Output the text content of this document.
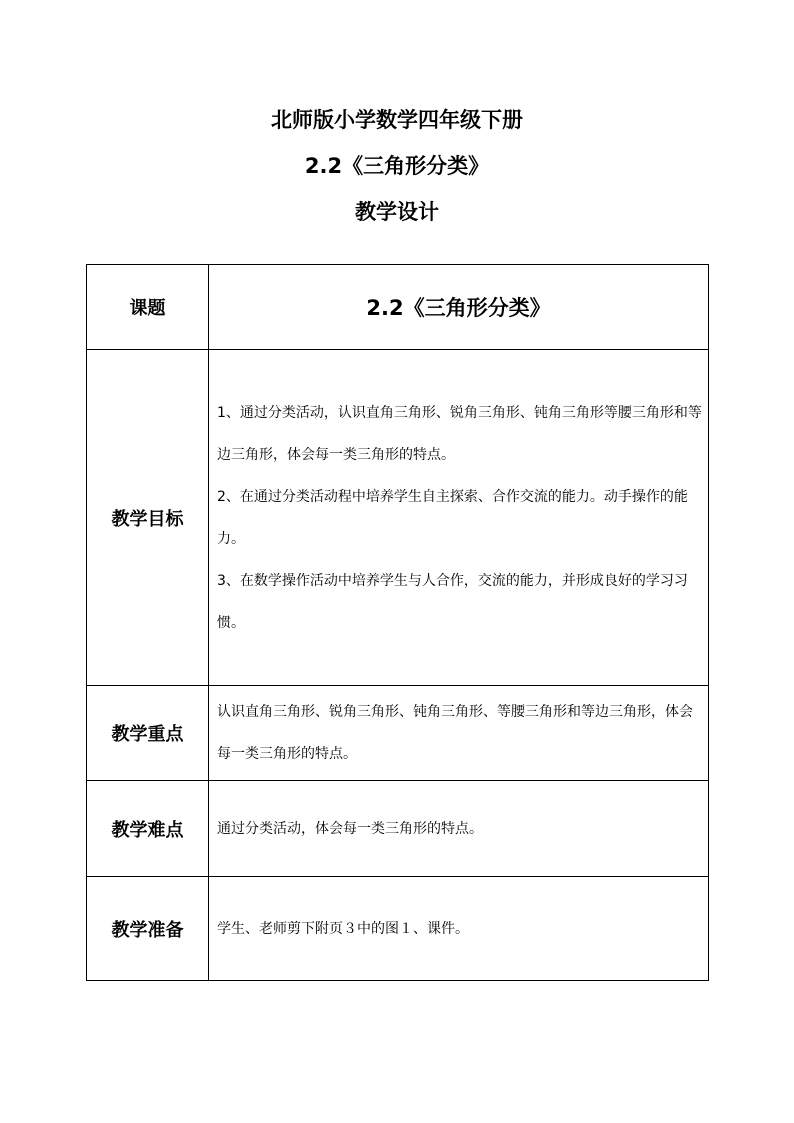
北师版小学数学四年级下册
2.2《三角形分类》
教学设计
课题	2.2《三角形分类》
教学目标	1、通过分类活动，认识直角三角形、锐角三角形、钝角三角形等腰三角形和等边三角形，体会每一类三角形的特点。

2、在通过分类活动程中培养学生自主探索、合作交流的能力。动手操作的能力。

3、在数学操作活动中培养学生与人合作，交流的能力，并形成良好的学习习惯。

教学重点	认识直角三角形、锐角三角形、钝角三角形、等腰三角形和等边三角形，体会每一类三角形的特点。
教学难点	通过分类活动，体会每一类三角形的特点。
教学准备	学生、老师剪下附页３中的图１、课件。
